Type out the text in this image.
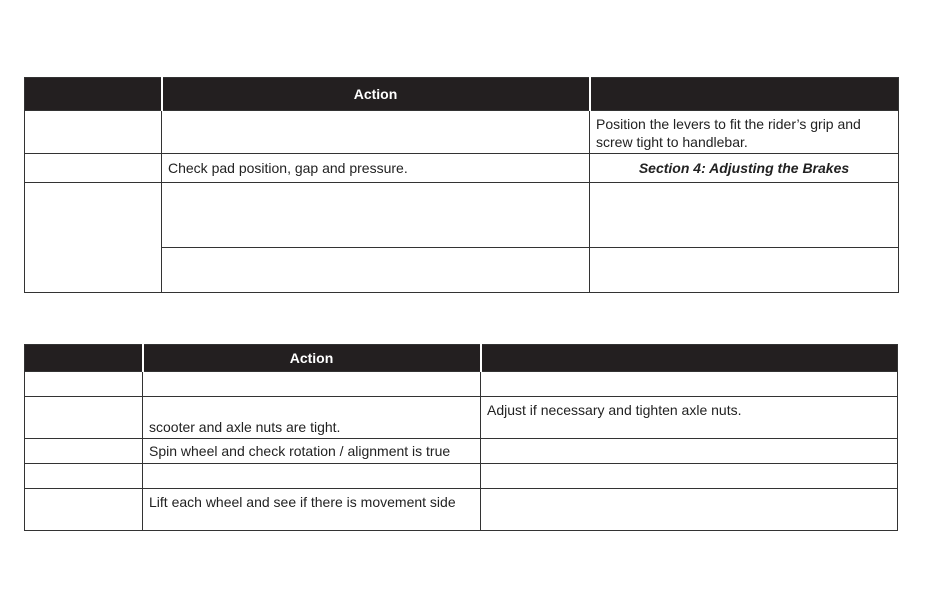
	Action	
		Position the levers to fit the rider’s grip and screw tight to handlebar.
	Check pad position, gap and pressure.	Section 4: Adjusting the Brakes

	Action	

	scooter and axle nuts are tight.	Adjust if necessary and tighten axle nuts.
	Spin wheel and check rotation / alignment is true	

	Lift each wheel and see if there is movement side	
